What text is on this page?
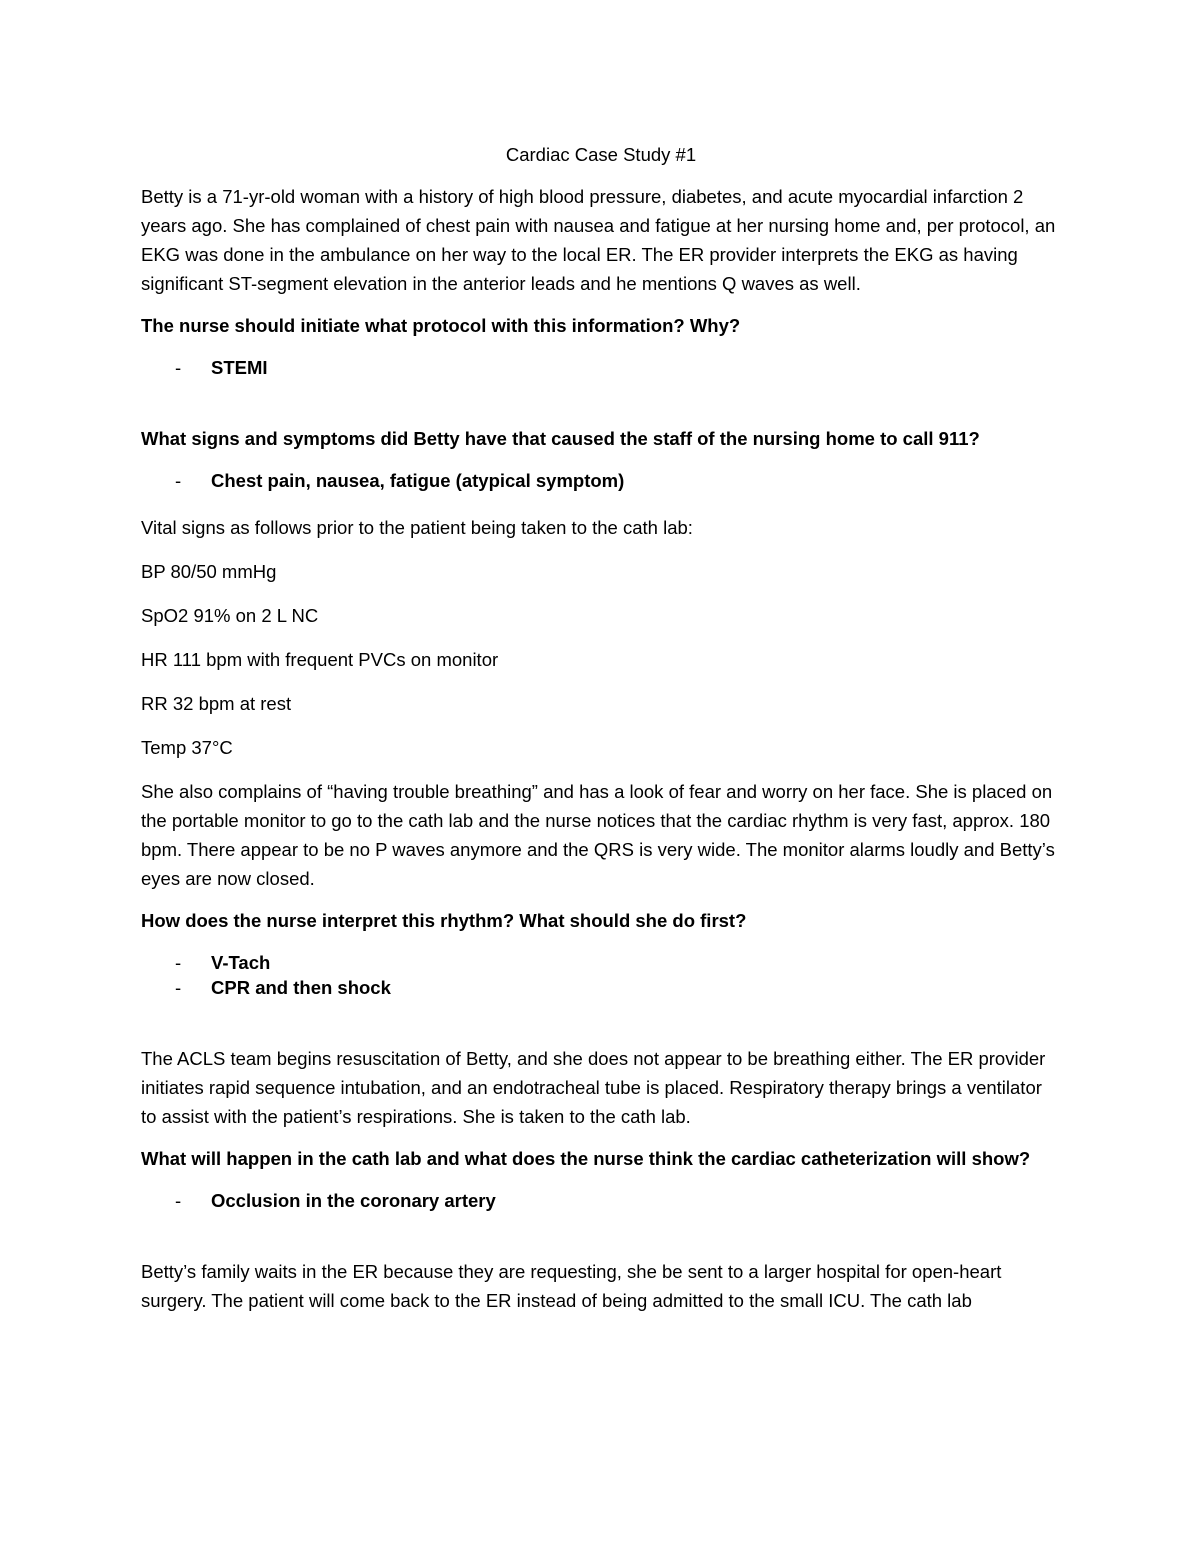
Cardiac Case Study #1

Betty is a 71-yr-old woman with a history of high blood pressure, diabetes, and acute myocardial infarction 2 years ago. She has complained of chest pain with nausea and fatigue at her nursing home and, per protocol, an EKG was done in the ambulance on her way to the local ER. The ER provider interprets the EKG as having significant ST-segment elevation in the anterior leads and he mentions Q waves as well.

The nurse should initiate what protocol with this information? Why?

- STEMI

What signs and symptoms did Betty have that caused the staff of the nursing home to call 911?

- Chest pain, nausea, fatigue (atypical symptom)

Vital signs as follows prior to the patient being taken to the cath lab:

BP 80/50 mmHg

SpO2 91% on 2 L NC

HR 111 bpm with frequent PVCs on monitor

RR 32 bpm at rest

Temp 37°C

She also complains of “having trouble breathing” and has a look of fear and worry on her face. She is placed on the portable monitor to go to the cath lab and the nurse notices that the cardiac rhythm is very fast, approx. 180 bpm. There appear to be no P waves anymore and the QRS is very wide. The monitor alarms loudly and Betty’s eyes are now closed.

How does the nurse interpret this rhythm? What should she do first?

- V-Tach
- CPR and then shock

The ACLS team begins resuscitation of Betty, and she does not appear to be breathing either. The ER provider initiates rapid sequence intubation, and an endotracheal tube is placed. Respiratory therapy brings a ventilator to assist with the patient’s respirations. She is taken to the cath lab.

What will happen in the cath lab and what does the nurse think the cardiac catheterization will show?

- Occlusion in the coronary artery

Betty’s family waits in the ER because they are requesting, she be sent to a larger hospital for open-heart surgery. The patient will come back to the ER instead of being admitted to the small ICU. The cath lab
